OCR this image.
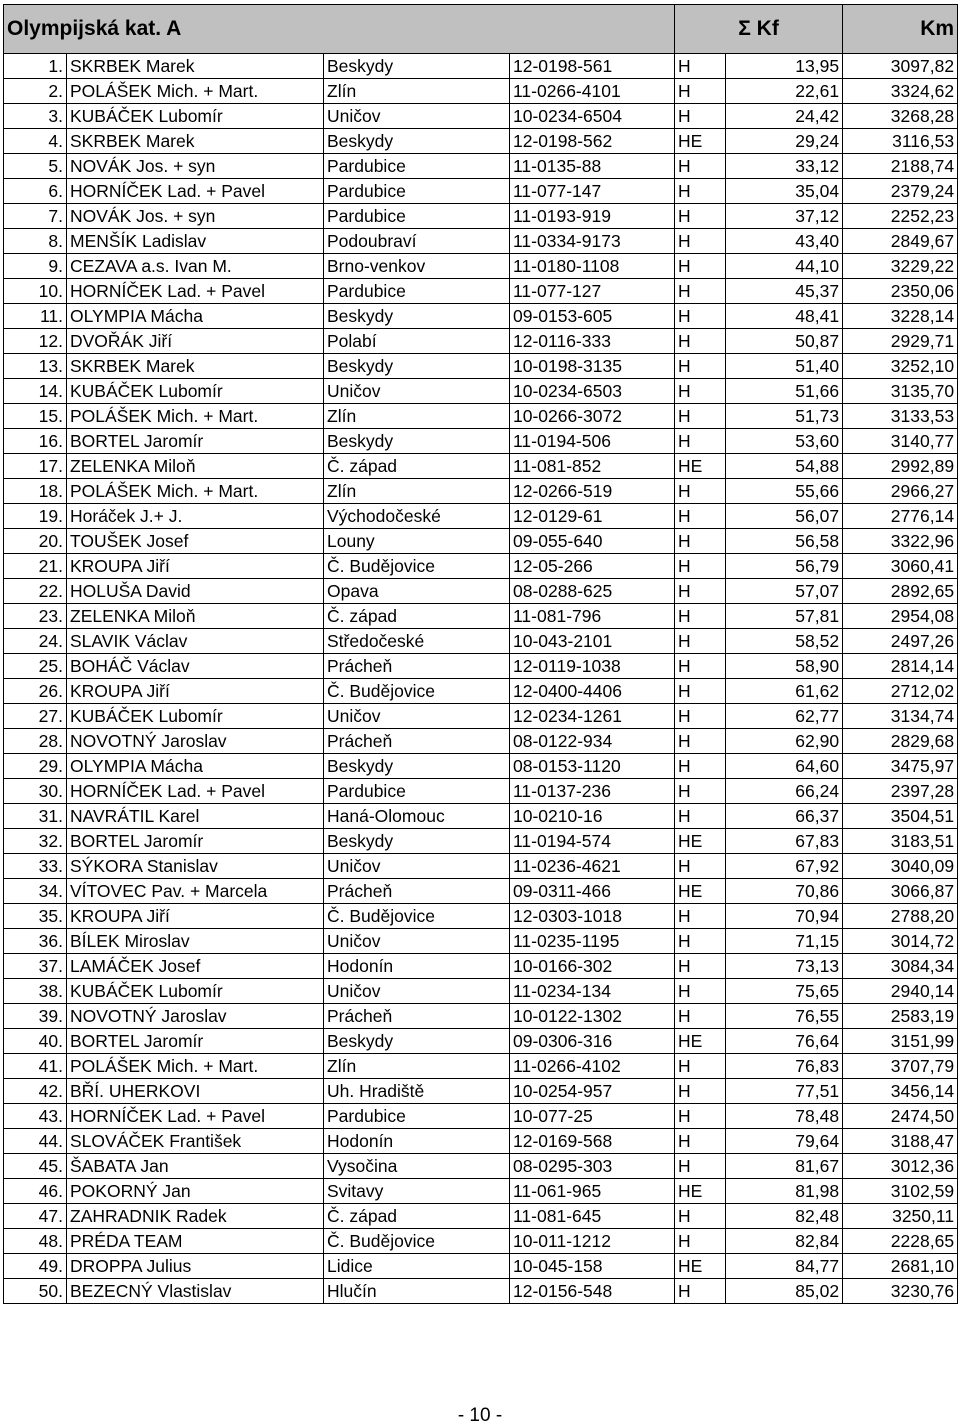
Olympijská kat. A				Σ Kf		Km
1.	SKRBEK Marek	Beskydy	12-0198-561	H	13,95	3097,82
2.	POLÁŠEK Mich. + Mart.	Zlín	11-0266-4101	H	22,61	3324,62
3.	KUBÁČEK Lubomír	Uničov	10-0234-6504	H	24,42	3268,28
4.	SKRBEK Marek	Beskydy	12-0198-562	HE	29,24	3116,53
5.	NOVÁK Jos. + syn	Pardubice	11-0135-88	H	33,12	2188,74
6.	HORNÍČEK Lad. + Pavel	Pardubice	11-077-147	H	35,04	2379,24
7.	NOVÁK Jos. + syn	Pardubice	11-0193-919	H	37,12	2252,23
8.	MENŠÍK Ladislav	Podoubraví	11-0334-9173	H	43,40	2849,67
9.	CEZAVA a.s. Ivan M.	Brno-venkov	11-0180-1108	H	44,10	3229,22
10.	HORNÍČEK Lad. + Pavel	Pardubice	11-077-127	H	45,37	2350,06
11.	OLYMPIA Mácha	Beskydy	09-0153-605	H	48,41	3228,14
12.	DVOŘÁK Jiří	Polabí	12-0116-333	H	50,87	2929,71
13.	SKRBEK Marek	Beskydy	10-0198-3135	H	51,40	3252,10
14.	KUBÁČEK Lubomír	Uničov	10-0234-6503	H	51,66	3135,70
15.	POLÁŠEK Mich. + Mart.	Zlín	10-0266-3072	H	51,73	3133,53
16.	BORTEL Jaromír	Beskydy	11-0194-506	H	53,60	3140,77
17.	ZELENKA Miloň	Č. západ	11-081-852	HE	54,88	2992,89
18.	POLÁŠEK Mich. + Mart.	Zlín	12-0266-519	H	55,66	2966,27
19.	Horáček J.+ J.	Východočeské	12-0129-61	H	56,07	2776,14
20.	TOUŠEK Josef	Louny	09-055-640	H	56,58	3322,96
21.	KROUPA Jiří	Č. Budějovice	12-05-266	H	56,79	3060,41
22.	HOLUŠA David	Opava	08-0288-625	H	57,07	2892,65
23.	ZELENKA Miloň	Č. západ	11-081-796	H	57,81	2954,08
24.	SLAVIK Václav	Středočeské	10-043-2101	H	58,52	2497,26
25.	BOHÁČ Václav	Prácheň	12-0119-1038	H	58,90	2814,14
26.	KROUPA Jiří	Č. Budějovice	12-0400-4406	H	61,62	2712,02
27.	KUBÁČEK Lubomír	Uničov	12-0234-1261	H	62,77	3134,74
28.	NOVOTNÝ Jaroslav	Prácheň	08-0122-934	H	62,90	2829,68
29.	OLYMPIA Mácha	Beskydy	08-0153-1120	H	64,60	3475,97
30.	HORNÍČEK Lad. + Pavel	Pardubice	11-0137-236	H	66,24	2397,28
31.	NAVRÁTIL Karel	Haná-Olomouc	10-0210-16	H	66,37	3504,51
32.	BORTEL Jaromír	Beskydy	11-0194-574	HE	67,83	3183,51
33.	SÝKORA Stanislav	Uničov	11-0236-4621	H	67,92	3040,09
34.	VÍTOVEC Pav. + Marcela	Prácheň	09-0311-466	HE	70,86	3066,87
35.	KROUPA Jiří	Č. Budějovice	12-0303-1018	H	70,94	2788,20
36.	BÍLEK Miroslav	Uničov	11-0235-1195	H	71,15	3014,72
37.	LAMÁČEK Josef	Hodonín	10-0166-302	H	73,13	3084,34
38.	KUBÁČEK Lubomír	Uničov	11-0234-134	H	75,65	2940,14
39.	NOVOTNÝ Jaroslav	Prácheň	10-0122-1302	H	76,55	2583,19
40.	BORTEL Jaromír	Beskydy	09-0306-316	HE	76,64	3151,99
41.	POLÁŠEK Mich. + Mart.	Zlín	11-0266-4102	H	76,83	3707,79
42.	BŘÍ. UHERKOVI	Uh. Hradiště	10-0254-957	H	77,51	3456,14
43.	HORNÍČEK Lad. + Pavel	Pardubice	10-077-25	H	78,48	2474,50
44.	SLOVÁČEK František	Hodonín	12-0169-568	H	79,64	3188,47
45.	ŠABATA Jan	Vysočina	08-0295-303	H	81,67	3012,36
46.	POKORNÝ Jan	Svitavy	11-061-965	HE	81,98	3102,59
47.	ZAHRADNIK Radek	Č. západ	11-081-645	H	82,48	3250,11
48.	PRÉDA TEAM	Č. Budějovice	10-011-1212	H	82,84	2228,65
49.	DROPPA Julius	Lidice	10-045-158	HE	84,77	2681,10
50.	BEZECNÝ Vlastislav	Hlučín	12-0156-548	H	85,02	3230,76
- 10 -
